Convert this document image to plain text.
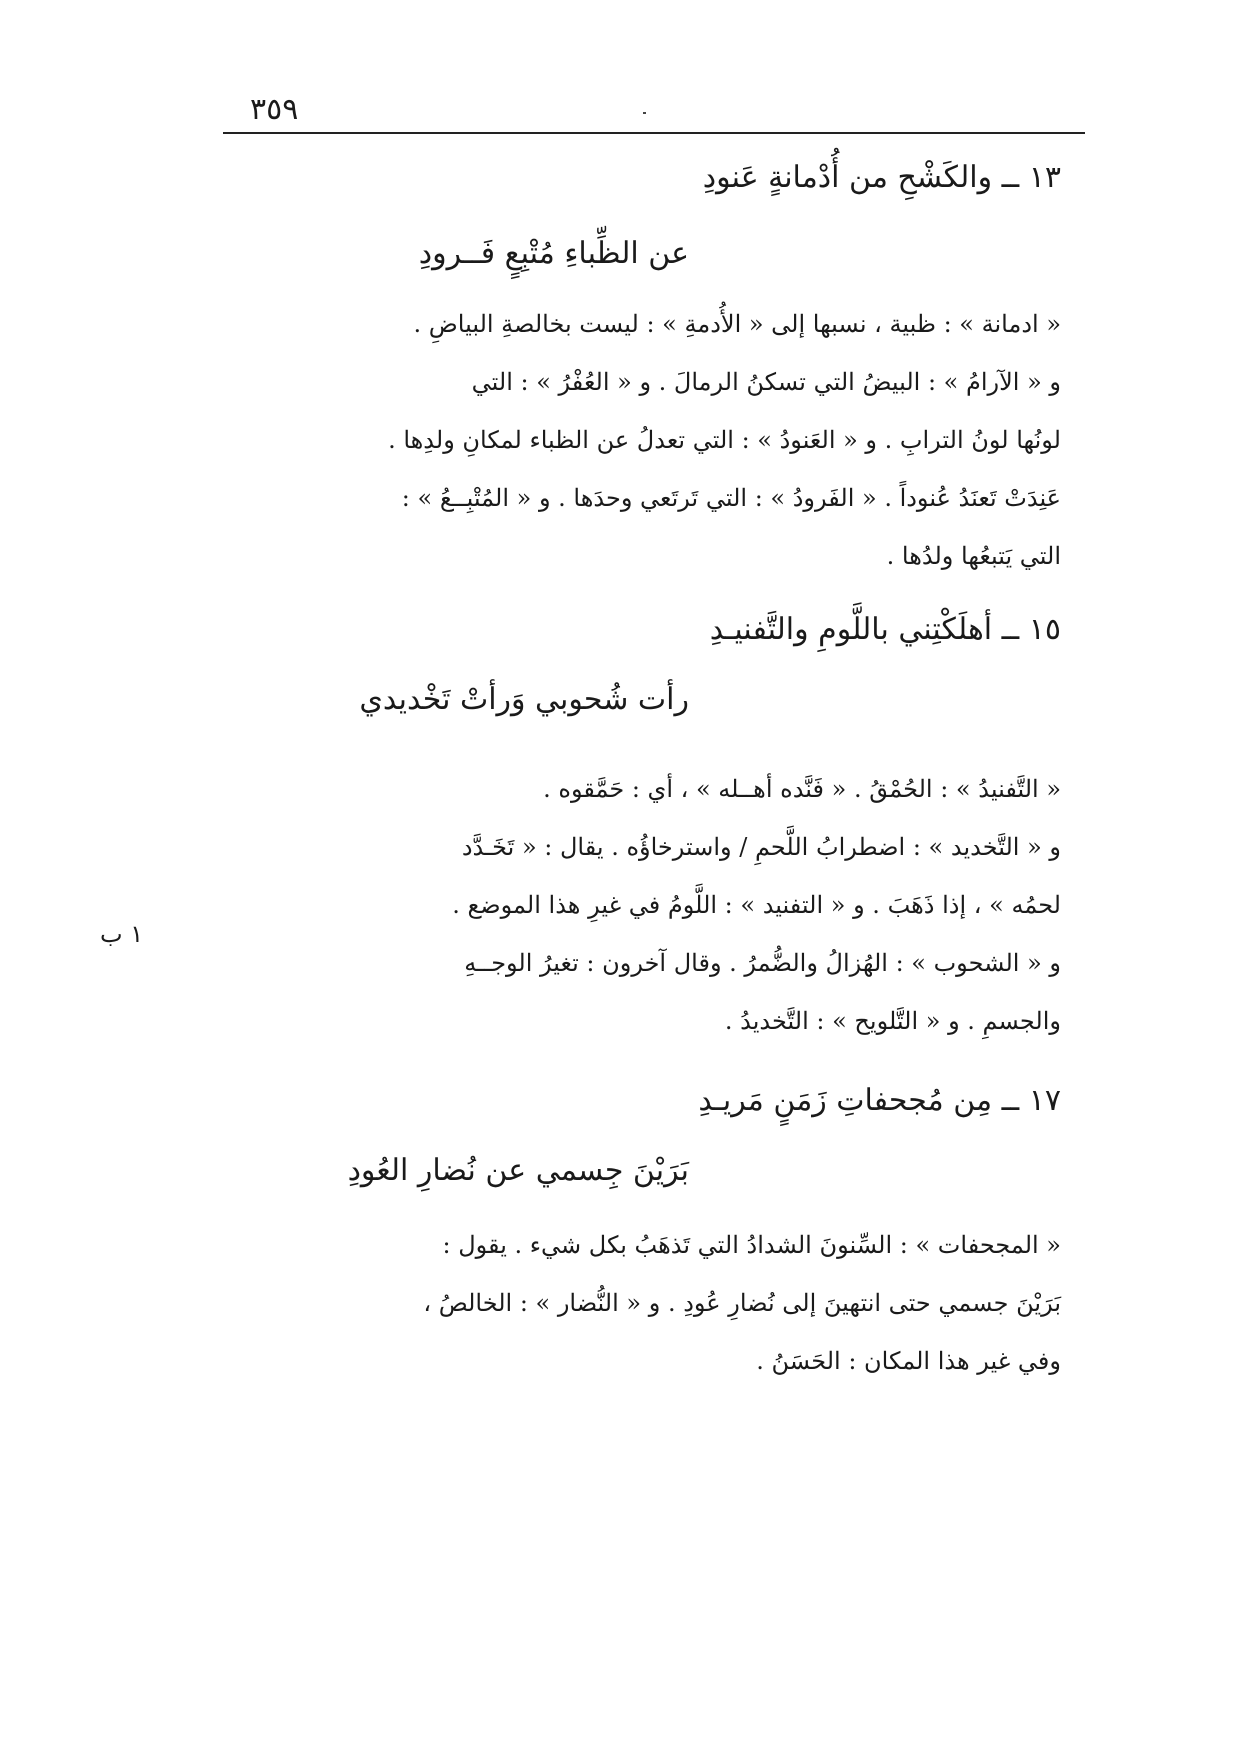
٣٥٩
١ ب
١٣ ــ والكَشْحِ من أُدْمانةٍ عَنودِ
عن الظِّباءِ مُتْبِعٍ فَــرودِ
« ادمانة » : ظبية ، نسبها إلى « الأُدمةِ » : ليست بخالصةِ البياضِ .
و « الآرامُ » : البيضُ التي تسكنُ الرمالَ . و « العُفْرُ » : التي
لونُها لونُ الترابِ . و « العَنودُ » : التي تعدلُ عن الظباء لمكانِ ولدِها .
عَنِدَتْ تَعنَدُ عُنوداً . « الفَرودُ » : التي تَرتَعي وحدَها . و « المُتْبِــعُ » :
التي يَتبعُها ولدُها .
١٥ ــ أهلَكْتِني باللَّومِ والتَّفنيـدِ
رأت شُحوبي وَرأتْ تَخْديدي
« التَّفنيدُ » : الحُمْقُ . « فَنَّده أهــله » ، أي : حَمَّقوه .
و « التَّخديد » : اضطرابُ اللَّحمِ / واسترخاؤُه . يقال : « تَخَـدَّد
لحمُه » ، إذا ذَهَبَ . و « التفنيد » : اللَّومُ في غيرِ هذا الموضع .
و « الشحوب » : الهُزالُ والضُّمرُ . وقال آخرون : تغيرُ الوجــهِ
والجسمِ . و « التَّلويح » : التَّخديدُ .
١٧ ــ مِن مُجحفاتِ زَمَنٍ مَريـدِ
بَرَيْنَ جِسمي عن نُضارِ العُودِ
« المجحفات » : السِّنونَ الشدادُ التي تَذهَبُ بكل شيء . يقول :
بَرَيْنَ جسمي حتى انتهينَ إلى نُضارِ عُودِ . و « النُّضار » : الخالصُ ،
وفي غير هذا المكان : الحَسَنُ .
